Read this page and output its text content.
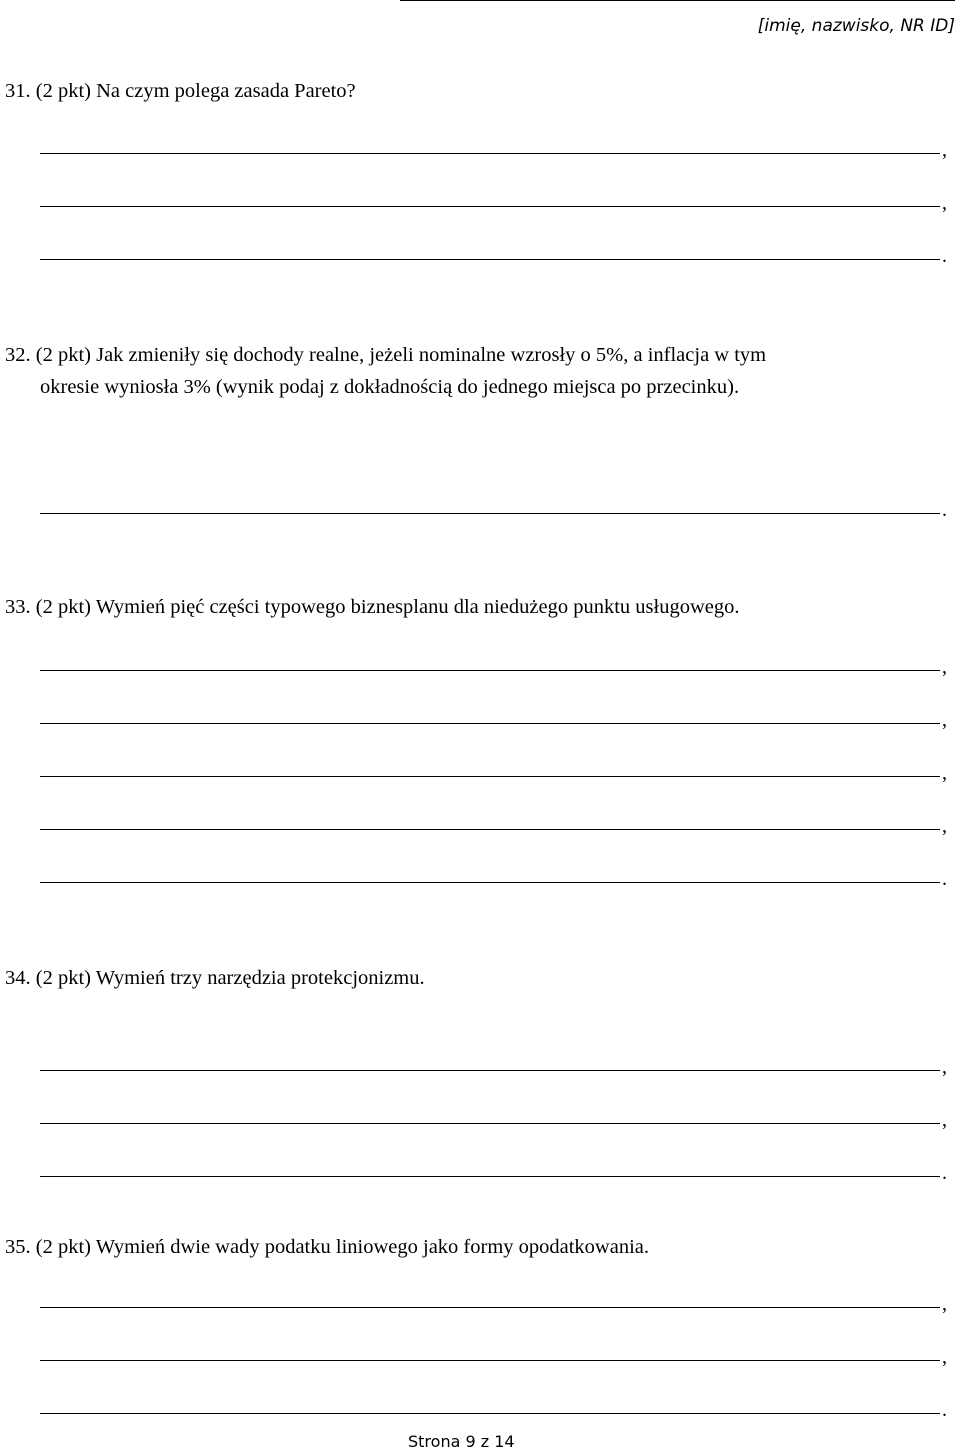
[imię, nazwisko, NR ID]
31. (2 pkt) Na czym polega zasada Pareto?
,
,
.
32. (2 pkt) Jak zmieniły się dochody realne, jeżeli nominalne wzrosły o 5%, a inflacja w tym
okresie wyniosła 3% (wynik podaj z dokładnością do jednego miejsca po przecinku).
.
33. (2 pkt) Wymień pięć części typowego biznesplanu dla niedużego punktu usługowego.
,
,
,
,
.
34. (2 pkt) Wymień trzy narzędzia protekcjonizmu.
,
,
.
35. (2 pkt) Wymień dwie wady podatku liniowego jako formy opodatkowania.
,
,
.
Strona 9 z 14
